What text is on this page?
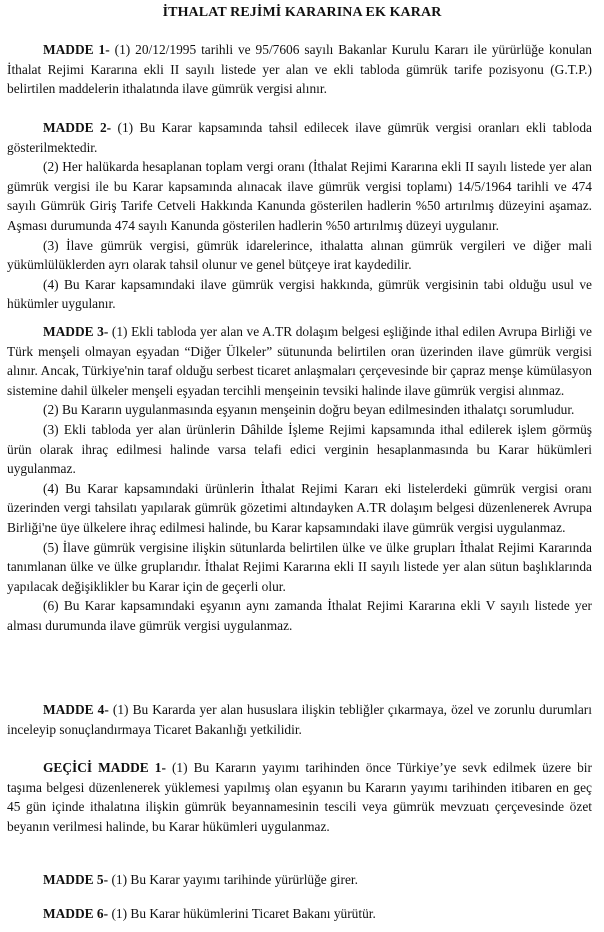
İTHALAT REJİMİ KARARINA EK KARAR

MADDE 1- (1) 20/12/1995 tarihli ve 95/7606 sayılı Bakanlar Kurulu Kararı ile yürürlüğe konulan İthalat Rejimi Kararına ekli II sayılı listede yer alan ve ekli tabloda gümrük tarife pozisyonu (G.T.P.) belirtilen maddelerin ithalatında ilave gümrük vergisi alınır.

MADDE 2- (1) Bu Karar kapsamında tahsil edilecek ilave gümrük vergisi oranları ekli tabloda gösterilmektedir.

(2) Her halükarda hesaplanan toplam vergi oranı (İthalat Rejimi Kararına ekli II sayılı listede yer alan gümrük vergisi ile bu Karar kapsamında alınacak ilave gümrük vergisi toplamı) 14/5/1964 tarihli ve 474 sayılı Gümrük Giriş Tarife Cetveli Hakkında Kanunda gösterilen hadlerin %50 artırılmış düzeyini aşamaz. Aşması durumunda 474 sayılı Kanunda gösterilen hadlerin %50 artırılmış düzeyi uygulanır.

(3) İlave gümrük vergisi, gümrük idarelerince, ithalatta alınan gümrük vergileri ve diğer mali yükümlülüklerden ayrı olarak tahsil olunur ve genel bütçeye irat kaydedilir.

(4) Bu Karar kapsamındaki ilave gümrük vergisi hakkında, gümrük vergisinin tabi olduğu usul ve hükümler uygulanır.

MADDE 3- (1) Ekli tabloda yer alan ve A.TR dolaşım belgesi eşliğinde ithal edilen Avrupa Birliği ve Türk menşeli olmayan eşyadan “Diğer Ülkeler” sütununda belirtilen oran üzerinden ilave gümrük vergisi alınır. Ancak, Türkiye'nin taraf olduğu serbest ticaret anlaşmaları çerçevesinde bir çapraz menşe kümülasyon sistemine dahil ülkeler menşeli eşyadan tercihli menşeinin tevsiki halinde ilave gümrük vergisi alınmaz.

(2) Bu Kararın uygulanmasında eşyanın menşeinin doğru beyan edilmesinden ithalatçı sorumludur.

(3) Ekli tabloda yer alan ürünlerin Dâhilde İşleme Rejimi kapsamında ithal edilerek işlem görmüş ürün olarak ihraç edilmesi halinde varsa telafi edici verginin hesaplanmasında bu Karar hükümleri uygulanmaz.

(4) Bu Karar kapsamındaki ürünlerin İthalat Rejimi Kararı eki listelerdeki gümrük vergisi oranı üzerinden vergi tahsilatı yapılarak gümrük gözetimi altındayken A.TR dolaşım belgesi düzenlenerek Avrupa Birliği'ne üye ülkelere ihraç edilmesi halinde, bu Karar kapsamındaki ilave gümrük vergisi uygulanmaz.

(5) İlave gümrük vergisine ilişkin sütunlarda belirtilen ülke ve ülke grupları İthalat Rejimi Kararında tanımlanan ülke ve ülke gruplarıdır. İthalat Rejimi Kararına ekli II sayılı listede yer alan sütun başlıklarında yapılacak değişiklikler bu Karar için de geçerli olur.

(6) Bu Karar kapsamındaki eşyanın aynı zamanda İthalat Rejimi Kararına ekli V sayılı listede yer alması durumunda ilave gümrük vergisi uygulanmaz.

MADDE 4- (1) Bu Kararda yer alan hususlara ilişkin tebliğler çıkarmaya, özel ve zorunlu durumları inceleyip sonuçlandırmaya Ticaret Bakanlığı yetkilidir.

GEÇİCİ MADDE 1- (1) Bu Kararın yayımı tarihinden önce Türkiye’ye sevk edilmek üzere bir taşıma belgesi düzenlenerek yüklemesi yapılmış olan eşyanın bu Kararın yayımı tarihinden itibaren en geç 45 gün içinde ithalatına ilişkin gümrük beyannamesinin tescili veya gümrük mevzuatı çerçevesinde özet beyanın verilmesi halinde, bu Karar hükümleri uygulanmaz.

MADDE 5- (1) Bu Karar yayımı tarihinde yürürlüğe girer.

MADDE 6- (1) Bu Karar hükümlerini Ticaret Bakanı yürütür.
